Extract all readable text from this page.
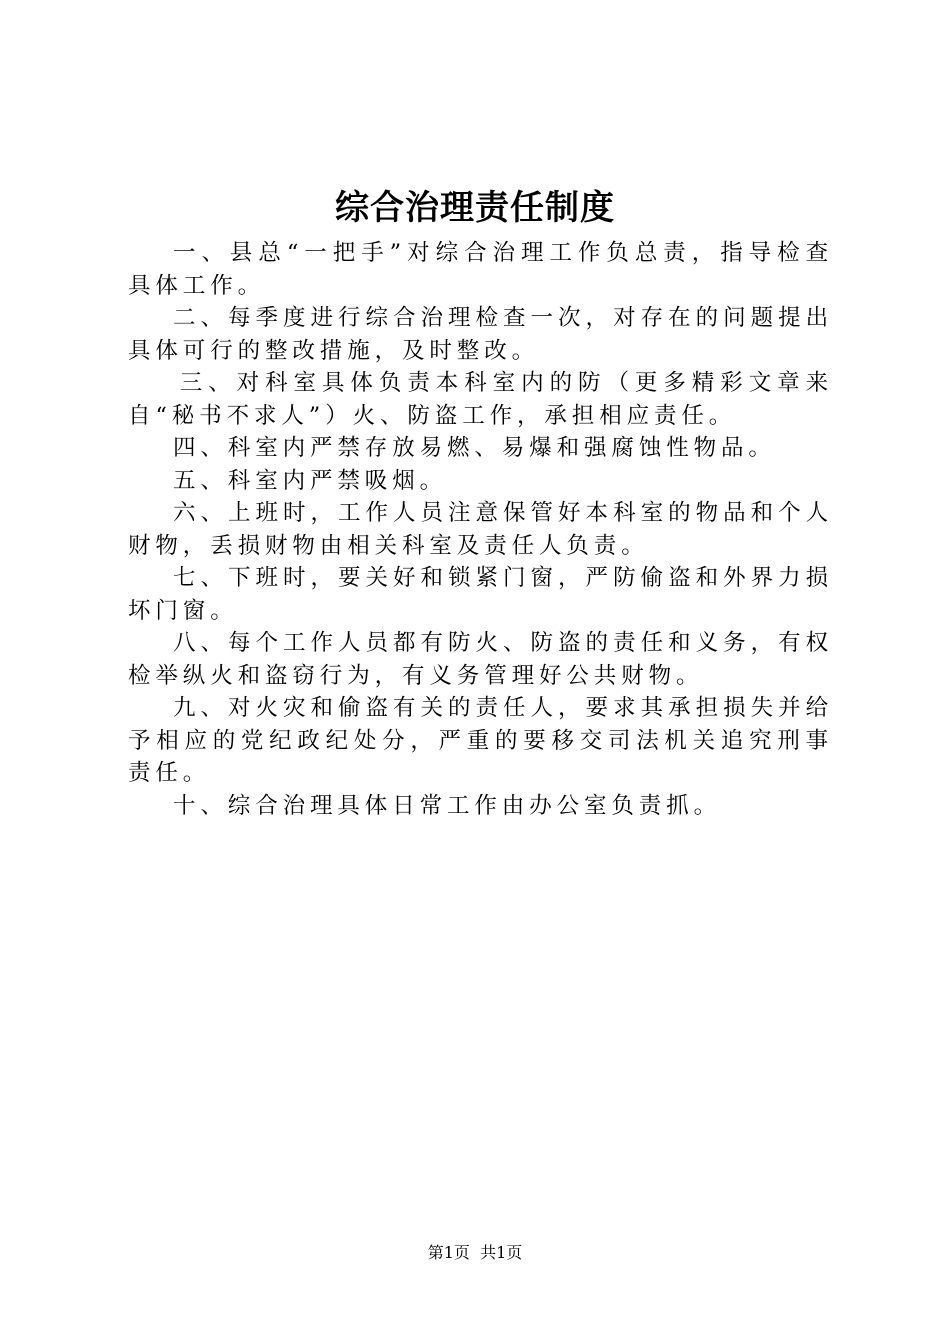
综合治理责任制度

一、县总“一把手”对综合治理工作负总责，指导检查具体工作。

二、每季度进行综合治理检查一次，对存在的问题提出具体可行的整改措施，及时整改。

三、对科室具体负责本科室内的防（更多精彩文章来自“秘书不求人”）火、防盗工作，承担相应责任。

四、科室内严禁存放易燃、易爆和强腐蚀性物品。

五、科室内严禁吸烟。

六、上班时，工作人员注意保管好本科室的物品和个人财物，丢损财物由相关科室及责任人负责。

七、下班时，要关好和锁紧门窗，严防偷盗和外界力损坏门窗。

八、每个工作人员都有防火、防盗的责任和义务，有权检举纵火和盗窃行为，有义务管理好公共财物。

九、对火灾和偷盗有关的责任人，要求其承担损失并给予相应的党纪政纪处分，严重的要移交司法机关追究刑事责任。

十、综合治理具体日常工作由办公室负责抓。

第1页  共1页
